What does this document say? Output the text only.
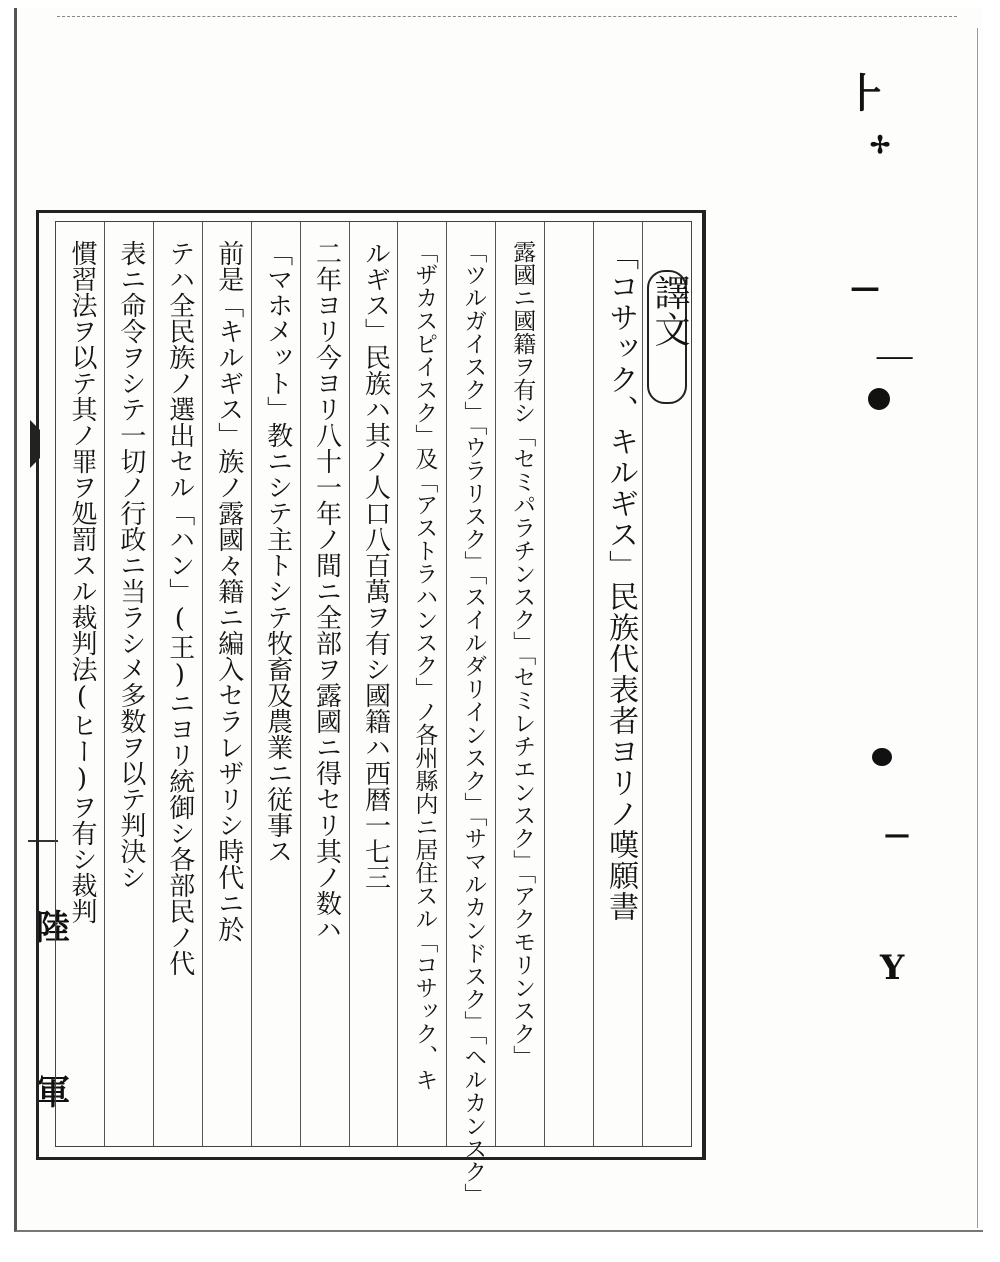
陸
軍
譯文
「コサック、キルギス」民族代表者ヨリノ嘆願書
露國ニ國籍ヲ有シ「セミパラチンスク」「セミレチエンスク」「アクモリンスク」
「ツルガイスク」「ウラリスク」「スイルダリインスク」「サマルカンドスク」「ヘルカンスク」
「ザカスピイスク」及「アストラハンスク」ノ各州縣内ニ居住スル「コサック、キ
ルギス」民族ハ其ノ人口八百萬ヲ有シ國籍ハ西暦一七三
二年ヨリ今ヨリ八十一年ノ間ニ全部ヲ露國ニ得セリ其ノ数ハ
「マホメット」教ニシテ主トシテ牧畜及農業ニ従事ス
前是「キルギス」族ノ露國々籍ニ編入セラレザリシ時代ニ於
テハ全民族ノ選出セル「ハン」(王)ニヨリ統御シ各部民ノ代
表ニ命令ヲシテ一切ノ行政ニ当ラシメ多数ヲ以テ判決シ
慣習法ヲ以テ其ノ罪ヲ処罰スル裁判法(ヒー)ヲ有シ裁判
⺊
✢
—
⸺
—
Y
